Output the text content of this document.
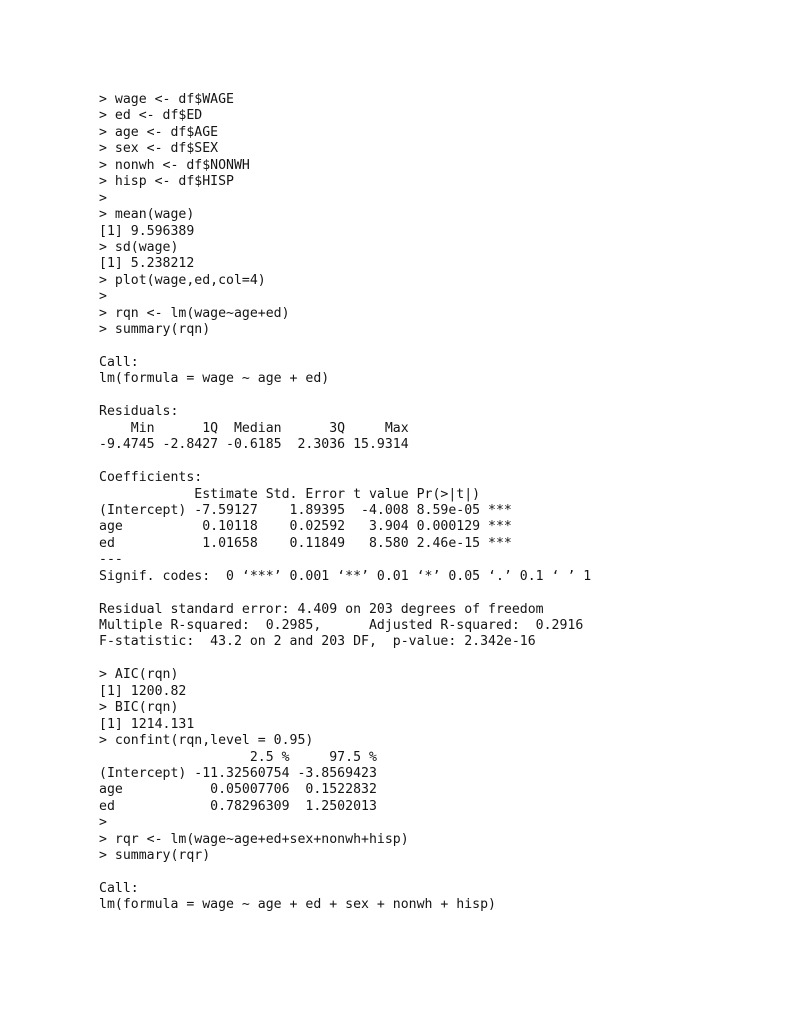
> wage <- df$WAGE
> ed <- df$ED
> age <- df$AGE
> sex <- df$SEX
> nonwh <- df$NONWH
> hisp <- df$HISP
>
> mean(wage)
[1] 9.596389
> sd(wage)
[1] 5.238212
> plot(wage,ed,col=4)
>
> rqn <- lm(wage~age+ed)
> summary(rqn)
Call:
lm(formula = wage ~ age + ed)
Residuals:
Min      1Q  Median      3Q     Max
-9.4745 -2.8427 -0.6185  2.3036 15.9314
Coefficients:
Estimate Std. Error t value Pr(>|t|)
(Intercept) -7.59127    1.89395  -4.008 8.59e-05 ***
age          0.10118    0.02592   3.904 0.000129 ***
ed           1.01658    0.11849   8.580 2.46e-15 ***
---
Signif. codes:  0 ‘***’ 0.001 ‘**’ 0.01 ‘*’ 0.05 ‘.’ 0.1 ‘ ’ 1
Residual standard error: 4.409 on 203 degrees of freedom
Multiple R-squared:  0.2985,      Adjusted R-squared:  0.2916
F-statistic:  43.2 on 2 and 203 DF,  p-value: 2.342e-16
> AIC(rqn)
[1] 1200.82
> BIC(rqn)
[1] 1214.131
> confint(rqn,level = 0.95)
2.5 %     97.5 %
(Intercept) -11.32560754 -3.8569423
age           0.05007706  0.1522832
ed            0.78296309  1.2502013
>
> rqr <- lm(wage~age+ed+sex+nonwh+hisp)
> summary(rqr)
Call:
lm(formula = wage ~ age + ed + sex + nonwh + hisp)
